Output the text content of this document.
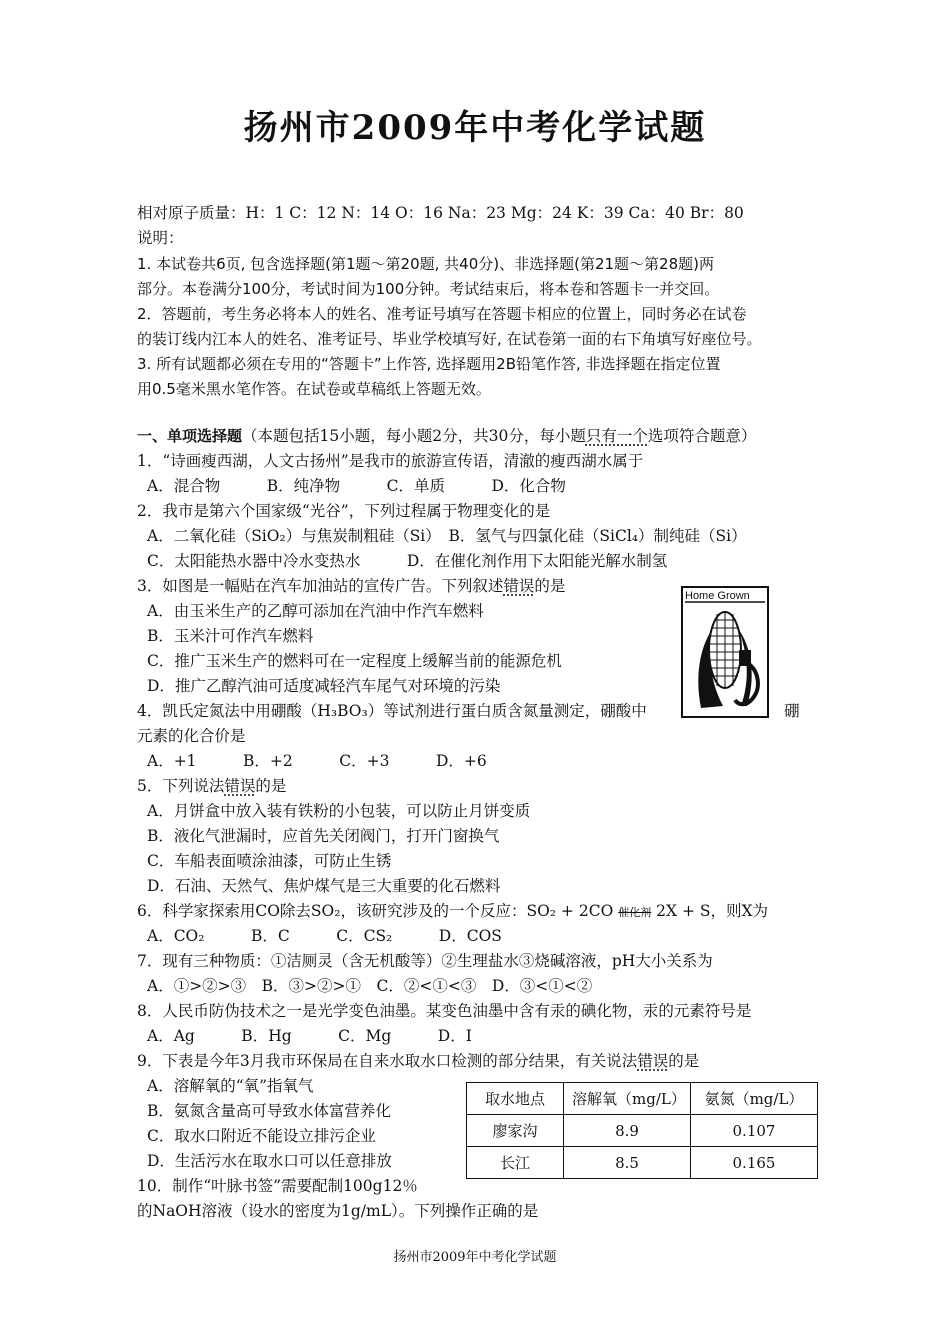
扬州市2009年中考化学试题
相对原子质量：H：1 C：12 N：14 O：16 Na：23 Mg：24 K：39 Ca：40 Br：80
说明：
1. 本试卷共6页, 包含选择题(第1题～第20题, 共40分)、非选择题(第21题～第28题)两
部分。本卷满分100分，考试时间为100分钟。考试结束后，将本卷和答题卡一并交回。
2．答题前，考生务必将本人的姓名、准考证号填写在答题卡相应的位置上，同时务必在试卷
的装订线内江本人的姓名、准考证号、毕业学校填写好, 在试卷第一面的右下角填写好座位号。
3. 所有试题都必须在专用的“答题卡”上作答, 选择题用2B铅笔作答, 非选择题在指定位置
用0.5毫米黑水笔作答。在试卷或草稿纸上答题无效。
一、单项选择题（本题包括15小题，每小题2分，共30分，每小题只有一个选项符合题意）
1．“诗画瘦西湖，人文古扬州”是我市的旅游宣传语，清澈的瘦西湖水属于
A．混合物　　　B．纯净物　　　C．单质　　　D．化合物
2．我市是第六个国家级“光谷”，下列过程属于物理变化的是
A．二氧化硅（SiO₂）与焦炭制粗硅（Si）　B．氢气与四氯化硅（SiCl₄）制纯硅（Si）
C．太阳能热水器中冷水变热水　　　D．在催化剂作用下太阳能光解水制氢
3．如图是一幅贴在汽车加油站的宣传广告。下列叙述错误的是
A．由玉米生产的乙醇可添加在汽油中作汽车燃料
B．玉米汁可作汽车燃料
C．推广玉米生产的燃料可在一定程度上缓解当前的能源危机
D．推广乙醇汽油可适度减轻汽车尾气对环境的污染
Home Grown
4．凯氏定氮法中用硼酸（H₃BO₃）等试剂进行蛋白质含氮量测定，硼酸中	硼
元素的化合价是
A．+1　　　B．+2　　　C．+3　　　D．+6
5．下列说法错误的是
A．月饼盒中放入装有铁粉的小包装，可以防止月饼变质
B．液化气泄漏时，应首先关闭阀门，打开门窗换气
C．车船表面喷涂油漆，可防止生锈
D．石油、天然气、焦炉煤气是三大重要的化石燃料
6．科学家探索用CO除去SO₂，该研究涉及的一个反应：SO₂ + 2CO 催化剂 2X + S，则X为
A．CO₂　　　B．C　　　C．CS₂　　　D．COS
7．现有三种物质：①洁厕灵（含无机酸等）②生理盐水③烧碱溶液，pH大小关系为
A．①>②>③　B．③>②>①　C．②<①<③　D．③<①<②
8．人民币防伪技术之一是光学变色油墨。某变色油墨中含有汞的碘化物，汞的元素符号是
A．Ag　　　B．Hg　　　C．Mg　　　D．I
9．下表是今年3月我市环保局在自来水取水口检测的部分结果，有关说法错误的是
A．溶解氧的“氧”指氧气
B．氨氮含量高可导致水体富营养化
C．取水口附近不能设立排污企业
D．生活污水在取水口可以任意排放
取水地点	溶解氧（mg/L）	氨氮（mg/L）
廖家沟	8.9	0.107
长江	8.5	0.165
10．制作“叶脉书签”需要配制100g12％
的NaOH溶液（设水的密度为1g/mL）。下列操作正确的是
扬州市2009年中考化学试题
